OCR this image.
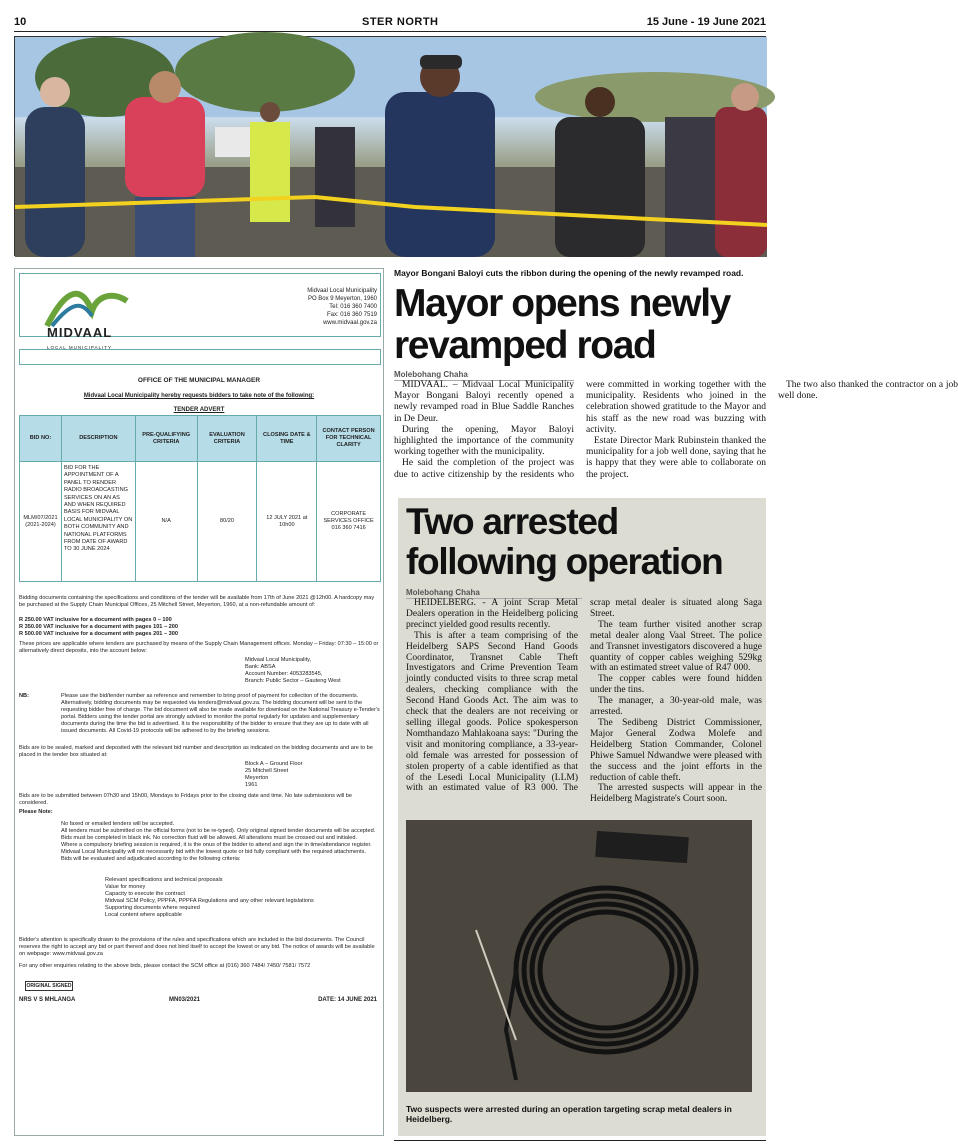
10	STER NORTH	15 June - 19 June 2021
Mayor Bongani Baloyi cuts the ribbon during the opening of the newly revamped road.
Mayor opens newly revamped road
Molebohang Chaha

MIDVAAL. – Midvaal Local Municipality Mayor Bongani Baloyi recently opened a newly revamped road in Blue Saddle Ranches in De Deur.

During the opening, Mayor Baloyi highlighted the importance of the community working together with the municipality.

He said the completion of the project was due to active citizenship by the residents who were committed in working together with the municipality. Residents who joined in the celebration showed gratitude to the Mayor and his staff as the new road was buzzing with activity.

Estate Director Mark Rubinstein thanked the municipality for a job well done, saying that he is happy that they were able to collaborate on the project.

The two also thanked the contractor on a job well done.

Two arrested following operation
Molebohang Chaha

HEIDELBERG. - A joint Scrap Metal Dealers operation in the Heidelberg policing precinct yielded good results recently.

This is after a team comprising of the Heidelberg SAPS Second Hand Goods Coordinator, Transnet Cable Theft Investigators and Crime Prevention Team jointly conducted visits to three scrap metal dealers, checking compliance with the Second Hand Goods Act. The aim was to check that the dealers are not receiving or selling illegal goods. Police spokesperson Nomthandazo Mahlakoana says: "During the visit and monitoring compliance, a 33-year-old female was arrested for possession of stolen property of a cable identified as that of the Lesedi Local Municipality (LLM) with an estimated value of R3 000. The scrap metal dealer is situated along Saga Street.

The team further visited another scrap metal dealer along Vaal Street. The police and Transnet investigators discovered a huge quantity of copper cables weighing 529kg with an estimated street value of R47 000.

The copper cables were found hidden under the tins.

The manager, a 30-year-old male, was arrested.

The Sedibeng District Commissioner, Major General Zodwa Molefe and Heidelberg Station Commander, Colonel Phiwe Samuel Ndwandwe were pleased with the success and the joint efforts in the reduction of cable theft.

The arrested suspects will appear in the Heidelberg Magistrate's Court soon.

Two suspects were arrested during an operation targeting scrap metal dealers in Heidelberg.
MIDVAAL
LOCAL MUNICIPALITY
Midvaal Local Municipality
PO Box 9 Meyerton, 1960
Tel: 016 360 7400
Fax: 016 360 7519
www.midvaal.gov.za
OFFICE OF THE MUNICIPAL MANAGER
Midvaal Local Municipality hereby requests bidders to take note of the following:
TENDER ADVERT
BID NO:	DESCRIPTION	PRE-QUALIFYING CRITERIA	EVALUATION CRITERIA	CLOSING DATE & TIME	CONTACT PERSON FOR TECHNICAL CLARITY
MLM/07/2021 (2021-2024)	BID FOR THE APPOINTMENT OF A PANEL TO RENDER RADIO BROADCASTING SERVICES ON AN AS AND WHEN REQUIRED BASIS FOR MIDVAAL LOCAL MUNICIPALITY ON BOTH COMMUNITY AND NATIONAL PLATFORMS FROM DATE OF AWARD TO 30 JUNE 2024	N/A	80/20	12 JULY 2021 at 10h00	CORPORATE SERVICES OFFICE 016 360 7416
Bidding documents containing the specifications and conditions of the tender will be available from 17th of June 2021 @12h00. A hardcopy may be purchased at the Supply Chain Municipal Offices, 25 Mitchell Street, Meyerton, 1960, at a non-refundable amount of:
R 250.00 VAT inclusive for a document with pages 0 – 100
R 350.00 VAT inclusive for a document with pages 101 – 200
R 500.00 VAT inclusive for a document with pages 201 – 300
These prices are applicable where tenders are purchased by means of the Supply Chain Management offices. Monday – Friday: 07:30 – 15:00 or alternatively direct deposits, into the account below:
Midvaal Local Municipality,
Bank: ABSA
Account Number: 4053283545,
Branch: Public Sector – Gauteng West
NB:	Please use the bid/tender number as reference and remember to bring proof of payment for collection of the documents. Alternatively, bidding documents may be requested via tenders@midvaal.gov.za. The bidding document will be sent to the requesting bidder free of charge. The bid document will also be made available for download on the National Treasury e-Tender's portal. Bidders using the tender portal are strongly advised to monitor the portal regularly for updates and supplementary documents during the time the bid is advertised. It is the responsibility of the bidder to ensure that they are up to date with all issued documents. All Covid-19 protocols will be adhered to by the briefing sessions.
Bids are to be sealed, marked and deposited with the relevant bid number and description as indicated on the bidding documents and are to be placed in the tender box situated at:
Block A – Ground Floor
25 Mitchell Street
Meyerton
1961
Bids are to be submitted between 07h30 and 15h00, Mondays to Fridays prior to the closing date and time. No late submissions will be considered.
Please Note:
No faxed or emailed tenders will be accepted.
All tenders must be submitted on the official forms (not to be re-typed). Only original signed tender documents will be accepted.
Bids must be completed in black ink. No correction fluid will be allowed. All alterations must be crossed out and initialed.
Where a compulsory briefing session is required, it is the onus of the bidder to attend and sign the in time/attendance register.
Midvaal Local Municipality will not necessarily bid with the lowest quote or bid fully compliant with the required attachments.
Bids will be evaluated and adjudicated according to the following criteria:
Relevant specifications and technical proposals
Value for money
Capacity to execute the contract
Midvaal SCM Policy, PPPFA, PPPFA Regulations and any other relevant legislations
Supporting documents where required
Local content where applicable
Bidder's attention is specifically drawn to the provisions of the rules and specifications which are included in the bid documents. The Council reserves the right to accept any bid or part thereof and does not bind itself to accept the lowest or any bid. The notice of awards will be available on webpage: www.midvaal.gov.za
For any other enquiries relating to the above bids, please contact the SCM office at (016) 360 7484/ 7450/ 7581/ 7572
ORIGINAL SIGNED
NRS V S MHLANGA	MN03/2021	DATE: 14 JUNE 2021
